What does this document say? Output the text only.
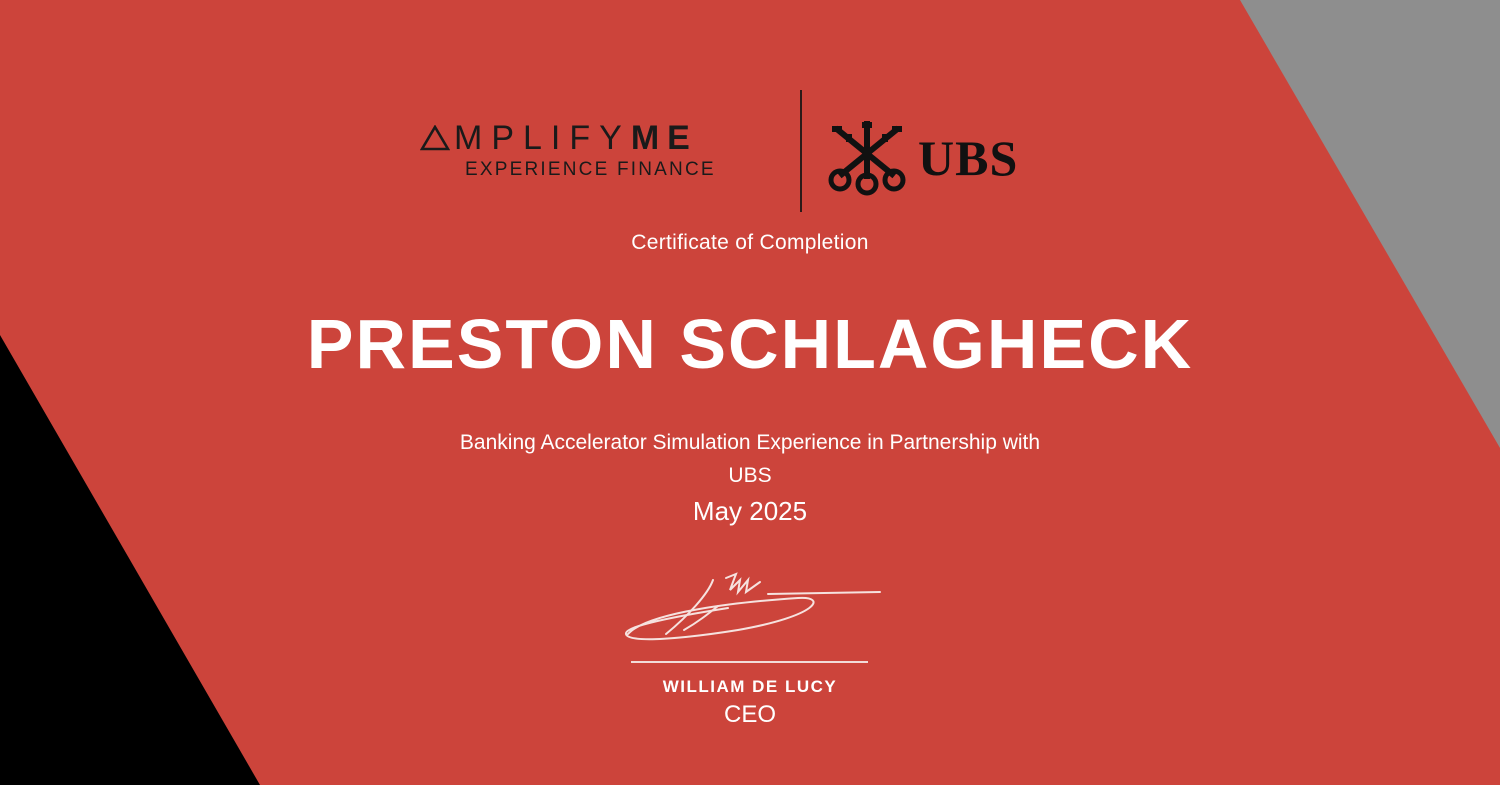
MPLIFY ME
EXPERIENCE FINANCE	UBS
Certificate of Completion
PRESTON SCHLAGHECK
Banking Accelerator Simulation Experience in Partnership with
UBS
May 2025
WILLIAM DE LUCY
CEO
